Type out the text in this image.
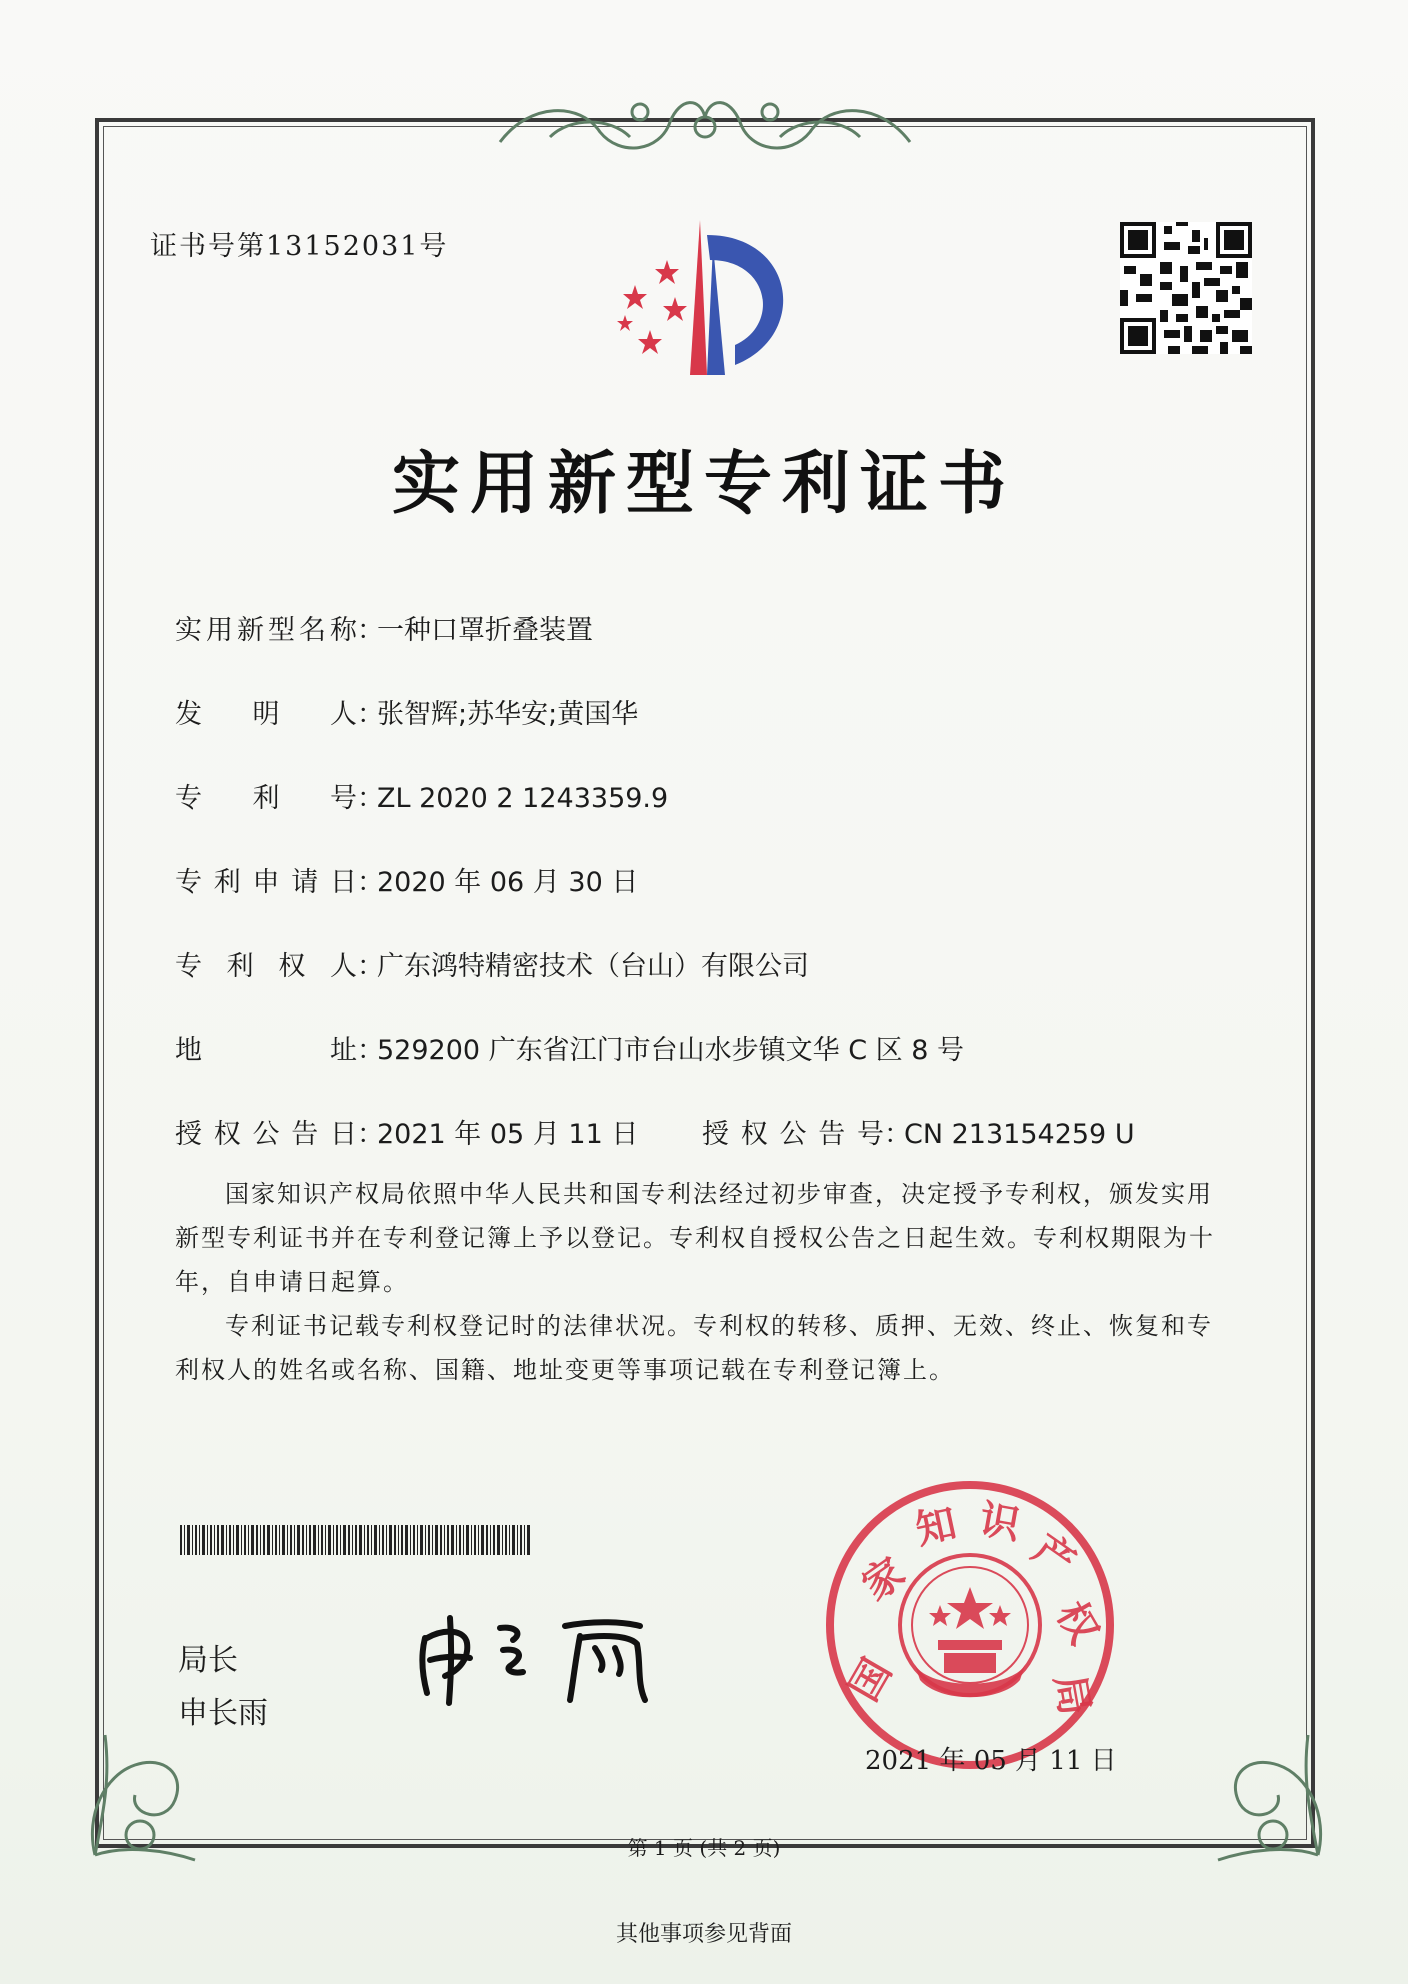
证书号第13152031号
实用新型专利证书
实用新型名称：一种口罩折叠装置
发明人：张智辉;苏华安;黄国华
专利号：ZL 2020 2 1243359.9
专利申请日：2020 年 06 月 30 日
专利权人：广东鸿特精密技术（台山）有限公司
地址：529200 广东省江门市台山水步镇文华 C 区 8 号
授权公告日：2021 年 05 月 11 日 授权公告号：CN 213154259 U
国家知识产权局依照中华人民共和国专利法经过初步审查，决定授予专利权，颁发实用新型专利证书并在专利登记簿上予以登记。专利权自授权公告之日起生效。专利权期限为十年，自申请日起算。
专利证书记载专利权登记时的法律状况。专利权的转移、质押、无效、终止、恢复和专利权人的姓名或名称、国籍、地址变更等事项记载在专利登记簿上。
局长
申长雨
国
家
知 识
产
权
局
2021 年 05 月 11 日
第 1 页 (共 2 页)
其他事项参见背面
